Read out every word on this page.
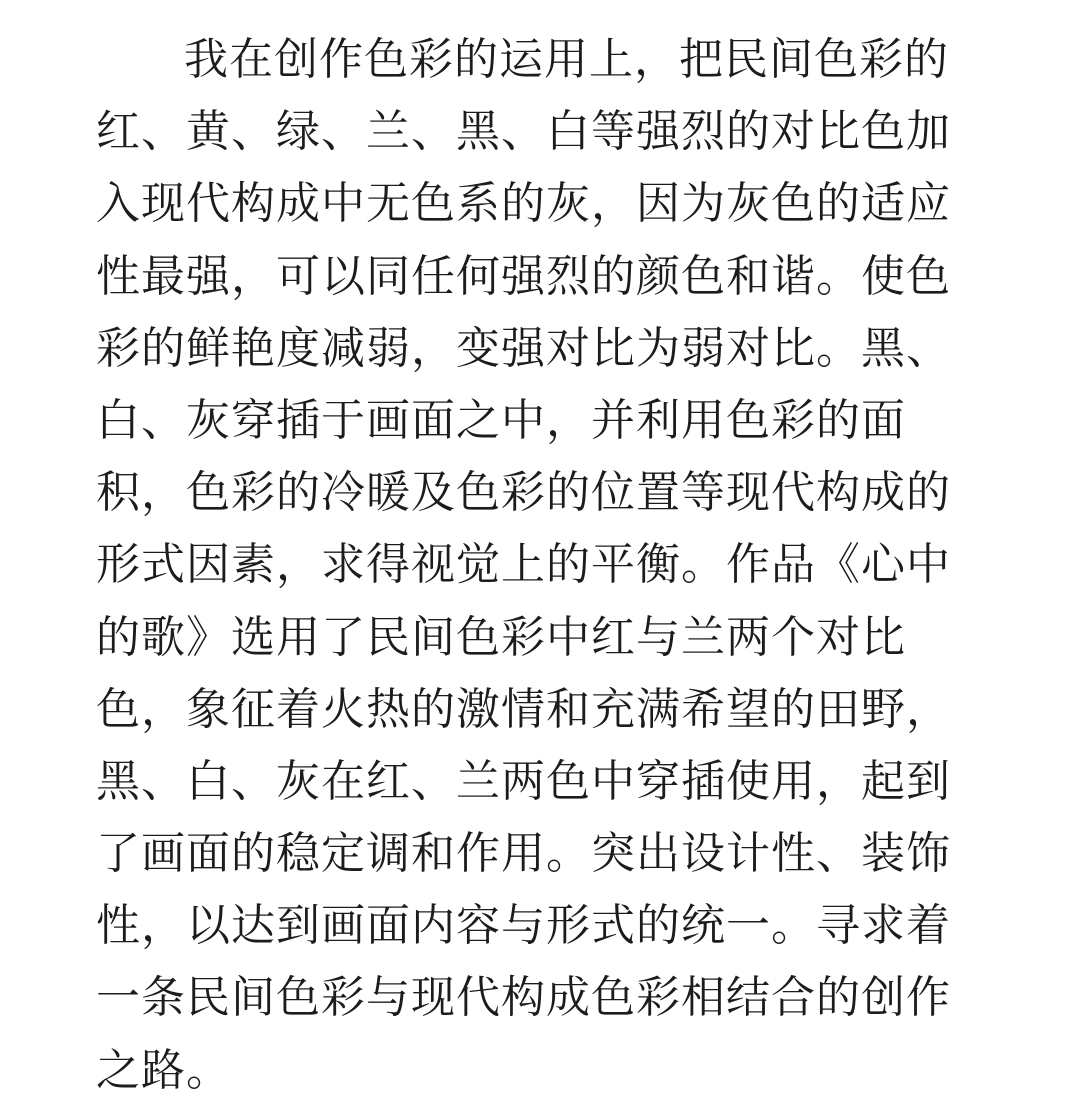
我在创作色彩的运用上，把民间色彩的
红、黄、绿、兰、黑、白等强烈的对比色加
入现代构成中无色系的灰，因为灰色的适应
性最强，可以同任何强烈的颜色和谐。使色
彩的鲜艳度减弱，变强对比为弱对比。黑、
白、灰穿插于画面之中，并利用色彩的面
积，色彩的冷暖及色彩的位置等现代构成的
形式因素，求得视觉上的平衡。作品《心中
的歌》选用了民间色彩中红与兰两个对比
色，象征着火热的激情和充满希望的田野，
黑、白、灰在红、兰两色中穿插使用，起到
了画面的稳定调和作用。突出设计性、装饰
性，以达到画面内容与形式的统一。寻求着
一条民间色彩与现代构成色彩相结合的创作
之路。
